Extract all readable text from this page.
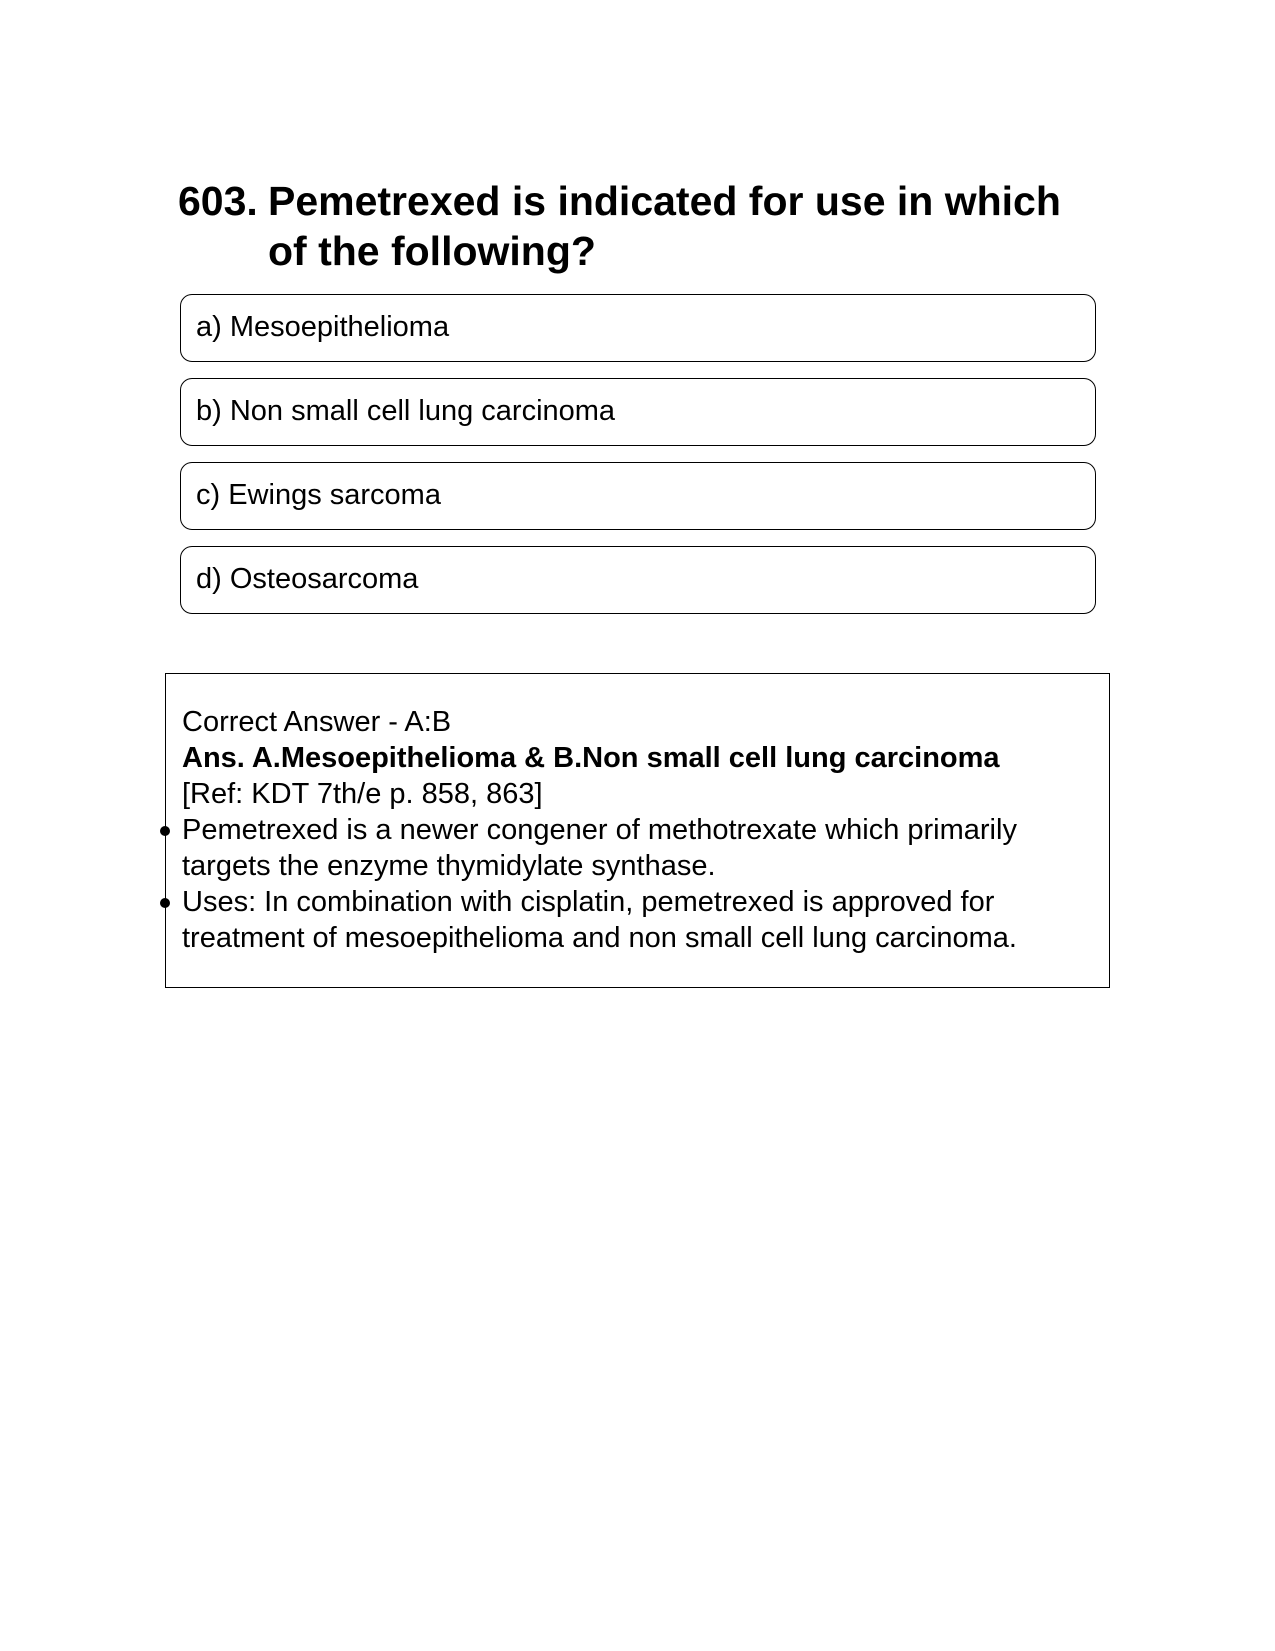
603. Pemetrexed is indicated for use in which
of the following?
a) Mesoepithelioma
b) Non small cell lung carcinoma
c) Ewings sarcoma
d) Osteosarcoma
Correct Answer - A:B
Ans. A.Mesoepithelioma & B.Non small cell lung carcinoma
[Ref: KDT 7th/e p. 858, 863]
Pemetrexed is a newer congener of methotrexate which primarily
targets the enzyme thymidylate synthase.
Uses: In combination with cisplatin, pemetrexed is approved for
treatment of mesoepithelioma and non small cell lung carcinoma.
